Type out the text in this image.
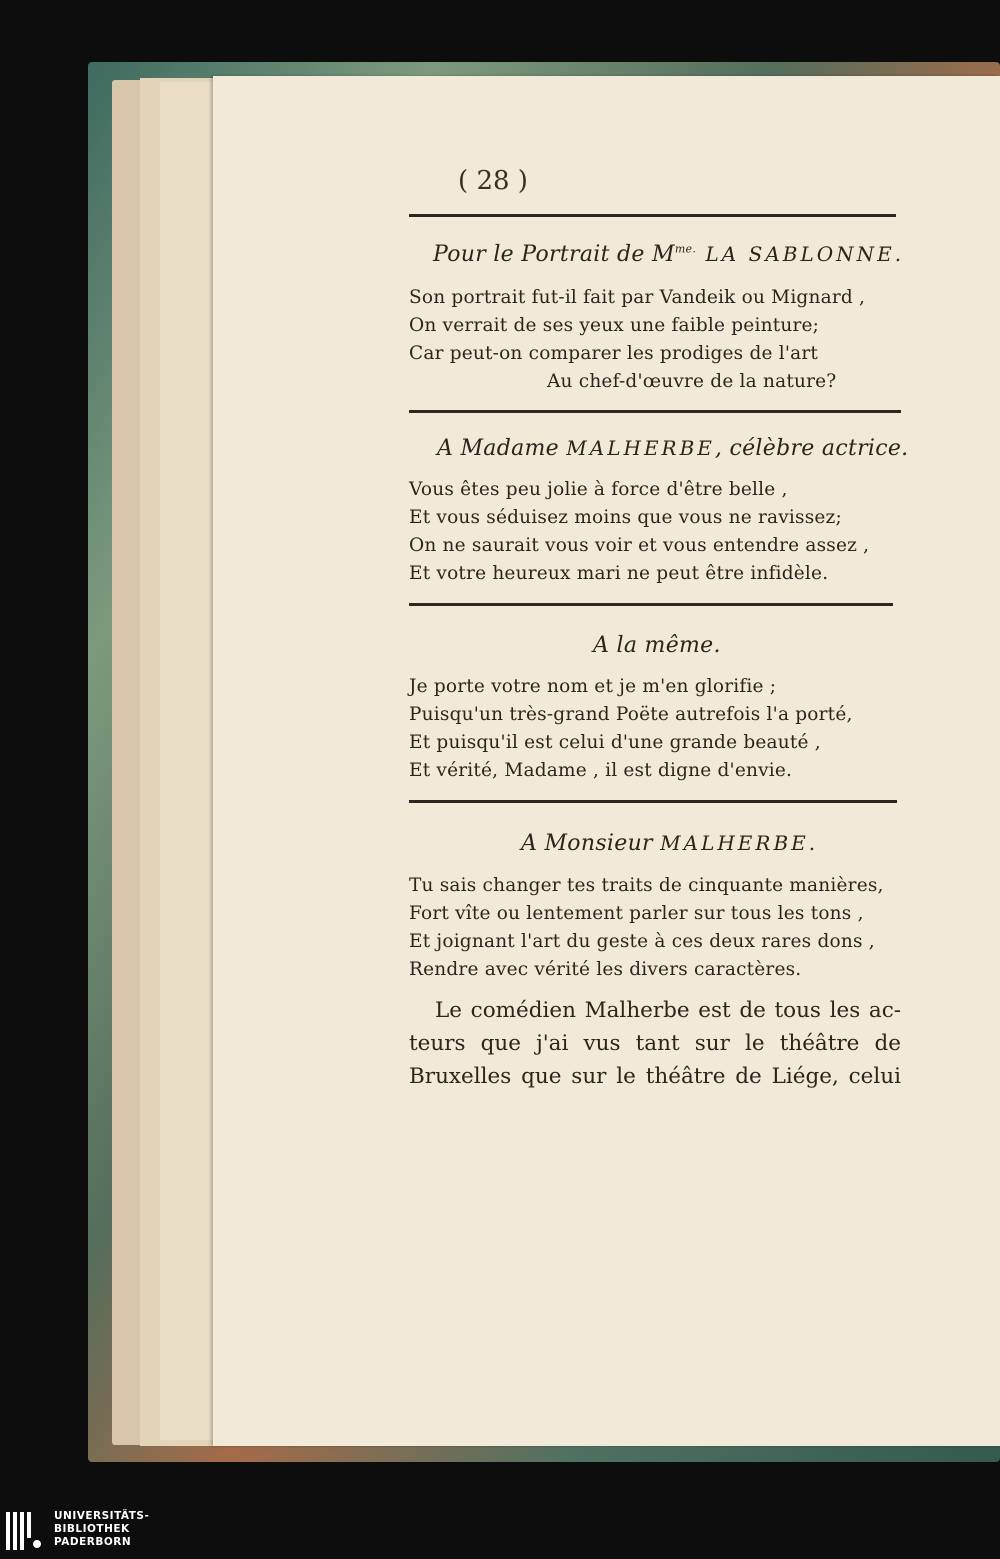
( 28 )
Pour le Portrait de $M^{me.}$ LA SABLONNE.
Son portrait fut-il fait par Vandeik ou Mignard ,
On verrait de ses yeux une faible peinture;
Car peut-on comparer les prodiges de l'art
Au chef-d'œuvre de la nature?
A Madame MALHERBE, célèbre actrice.
Vous êtes peu jolie à force d'être belle ,
Et vous séduisez moins que vous ne ravissez;
On ne saurait vous voir et vous entendre assez ,
Et votre heureux mari ne peut être infidèle.
A la même.
Je porte votre nom et je m'en glorifie ;
Puisqu'un très-grand Poëte autrefois l'a porté,
Et puisqu'il est celui d'une grande beauté ,
Et vérité, Madame , il est digne d'envie.
A Monsieur MALHERBE.
Tu sais changer tes traits de cinquante manières,
Fort vîte ou lentement parler sur tous les tons ,
Et joignant l'art du geste à ces deux rares dons ,
Rendre avec vérité les divers caractères.
Le comédien Malherbe est de tous les ac-
teurs que j'ai vus tant sur le théâtre de
Bruxelles que sur le théâtre de Liége, celui
UNIVERSITÄTS-
BIBLIOTHEK
PADERBORN
